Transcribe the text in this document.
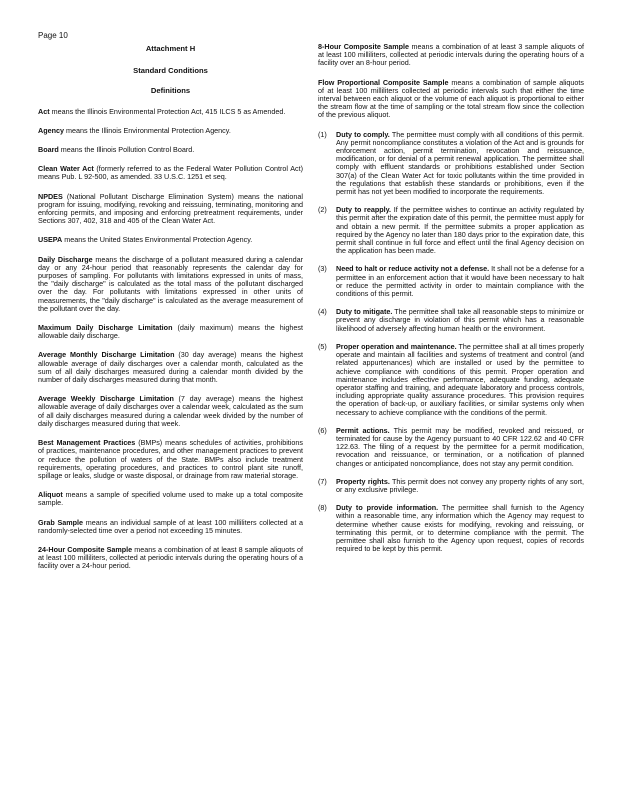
Page 10
Attachment H
Standard Conditions
Definitions

Act means the Illinois Environmental Protection Act, 415 ILCS 5 as Amended.

Agency means the Illinois Environmental Protection Agency.

Board means the Illinois Pollution Control Board.

Clean Water Act (formerly referred to as the Federal Water Pollution Control Act) means Pub. L 92-500, as amended. 33 U.S.C. 1251 et seq.

NPDES (National Pollutant Discharge Elimination System) means the national program for issuing, modifying, revoking and reissuing, terminating, monitoring and enforcing permits, and imposing and enforcing pretreatment requirements, under Sections 307, 402, 318 and 405 of the Clean Water Act.

USEPA means the United States Environmental Protection Agency.

Daily Discharge means the discharge of a pollutant measured during a calendar day or any 24-hour period that reasonably represents the calendar day for purposes of sampling. For pollutants with limitations expressed in units of mass, the "daily discharge" is calculated as the total mass of the pollutant discharged over the day. For pollutants with limitations expressed in other units of measurements, the "daily discharge" is calculated as the average measurement of the pollutant over the day.

Maximum Daily Discharge Limitation (daily maximum) means the highest allowable daily discharge.

Average Monthly Discharge Limitation (30 day average) means the highest allowable average of daily discharges over a calendar month, calculated as the sum of all daily discharges measured during a calendar month divided by the number of daily discharges measured during that month.

Average Weekly Discharge Limitation (7 day average) means the highest allowable average of daily discharges over a calendar week, calculated as the sum of all daily discharges measured during a calendar week divided by the number of daily discharges measured during that week.

Best Management Practices (BMPs) means schedules of activities, prohibitions of practices, maintenance procedures, and other management practices to prevent or reduce the pollution of waters of the State. BMPs also include treatment requirements, operating procedures, and practices to control plant site runoff, spillage or leaks, sludge or waste disposal, or drainage from raw material storage.

Aliquot means a sample of specified volume used to make up a total composite sample.

Grab Sample means an individual sample of at least 100 milliliters collected at a randomly-selected time over a period not exceeding 15 minutes.

24-Hour Composite Sample means a combination of at least 8 sample aliquots of at least 100 milliliters, collected at periodic intervals during the operating hours of a facility over a 24-hour period.

8-Hour Composite Sample means a combination of at least 3 sample aliquots of at least 100 milliliters, collected at periodic intervals during the operating hours of a facility over an 8-hour period.

Flow Proportional Composite Sample means a combination of sample aliquots of at least 100 milliliters collected at periodic intervals such that either the time interval between each aliquot or the volume of each aliquot is proportional to either the stream flow at the time of sampling or the total stream flow since the collection of the previous aliquot.

(1)	Duty to comply. The permittee must comply with all conditions of this permit. Any permit noncompliance constitutes a violation of the Act and is grounds for enforcement action, permit termination, revocation and reissuance, modification, or for denial of a permit renewal application. The permittee shall comply with effluent standards or prohibitions established under Section 307(a) of the Clean Water Act for toxic pollutants within the time provided in the regulations that establish these standards or prohibitions, even if the permit has not yet been modified to incorporate the requirements.
(2)	Duty to reapply. If the permittee wishes to continue an activity regulated by this permit after the expiration date of this permit, the permittee must apply for and obtain a new permit. If the permittee submits a proper application as required by the Agency no later than 180 days prior to the expiration date, this permit shall continue in full force and effect until the final Agency decision on the application has been made.
(3)	Need to halt or reduce activity not a defense. It shall not be a defense for a permittee in an enforcement action that it would have been necessary to halt or reduce the permitted activity in order to maintain compliance with the conditions of this permit.
(4)	Duty to mitigate. The permittee shall take all reasonable steps to minimize or prevent any discharge in violation of this permit which has a reasonable likelihood of adversely affecting human health or the environment.
(5)	Proper operation and maintenance. The permittee shall at all times properly operate and maintain all facilities and systems of treatment and control (and related appurtenances) which are installed or used by the permittee to achieve compliance with conditions of this permit. Proper operation and maintenance includes effective performance, adequate funding, adequate operator staffing and training, and adequate laboratory and process controls, including appropriate quality assurance procedures. This provision requires the operation of back-up, or auxiliary facilities, or similar systems only when necessary to achieve compliance with the conditions of the permit.
(6)	Permit actions. This permit may be modified, revoked and reissued, or terminated for cause by the Agency pursuant to 40 CFR 122.62 and 40 CFR 122.63. The filing of a request by the permittee for a permit modification, revocation and reissuance, or termination, or a notification of planned changes or anticipated noncompliance, does not stay any permit condition.
(7)	Property rights. This permit does not convey any property rights of any sort, or any exclusive privilege.
(8)	Duty to provide information. The permittee shall furnish to the Agency within a reasonable time, any information which the Agency may request to determine whether cause exists for modifying, revoking and reissuing, or terminating this permit, or to determine compliance with the permit. The permittee shall also furnish to the Agency upon request, copies of records required to be kept by this permit.
